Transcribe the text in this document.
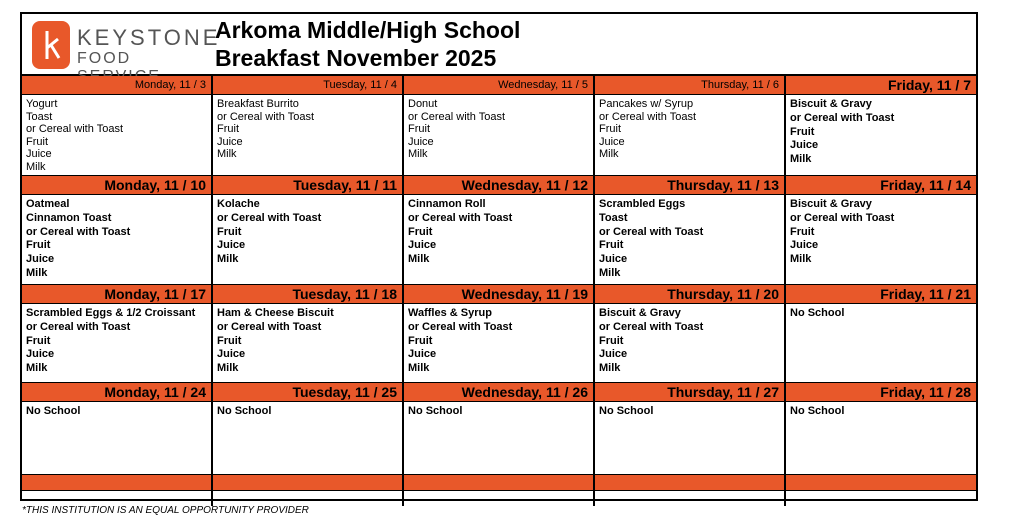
KEYSTONE
FOOD
Arkoma Middle/High School
Breakfast November 2025
Monday, 11 / 3
Yogurt
Toast
or Cereal with Toast
Fruit
Juice
Milk
Tuesday, 11 / 4
Breakfast Burrito
or Cereal with Toast
Fruit
Juice
Milk
Wednesday, 11 / 5
Donut
or Cereal with Toast
Fruit
Juice
Milk
Thursday, 11 / 6
Pancakes w/ Syrup
or Cereal with Toast
Fruit
Juice
Milk
Friday, 11 / 7
Biscuit & Gravy
or Cereal with Toast
Fruit
Juice
Milk
Monday, 11 / 10
Oatmeal
Cinnamon Toast
or Cereal with Toast
Fruit
Juice
Milk
Tuesday, 11 / 11
Kolache
or Cereal with Toast
Fruit
Juice
Milk
Wednesday, 11 / 12
Cinnamon Roll
or Cereal with Toast
Fruit
Juice
Milk
Thursday, 11 / 13
Scrambled Eggs
Toast
or Cereal with Toast
Fruit
Juice
Milk
Friday, 11 / 14
Biscuit & Gravy
or Cereal with Toast
Fruit
Juice
Milk
Monday, 11 / 17
Scrambled Eggs & 1/2 Croissant
or Cereal with Toast
Fruit
Juice
Milk
Tuesday, 11 / 18
Ham & Cheese Biscuit
or Cereal with Toast
Fruit
Juice
Milk
Wednesday, 11 / 19
Waffles & Syrup
or Cereal with Toast
Fruit
Juice
Milk
Thursday, 11 / 20
Biscuit & Gravy
or Cereal with Toast
Fruit
Juice
Milk
Friday, 11 / 21
No School
Monday, 11 / 24
No School
Tuesday, 11 / 25
No School
Wednesday, 11 / 26
No School
Thursday, 11 / 27
No School
Friday, 11 / 28
No School
*THIS INSTITUTION IS AN EQUAL OPPORTUNITY PROVIDER
